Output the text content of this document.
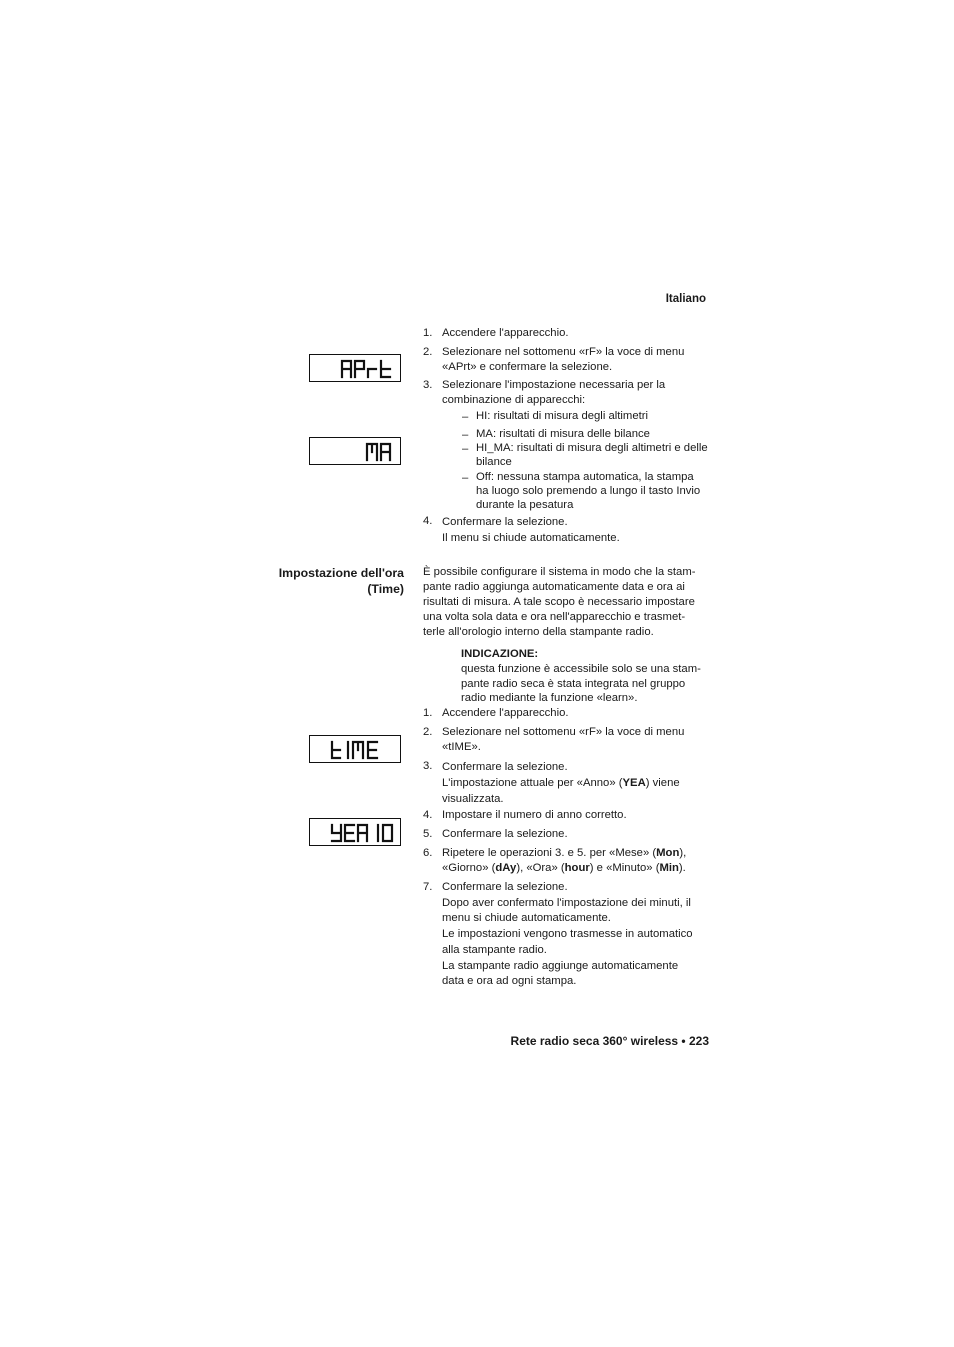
Italiano
1. Accendere l'apparecchio.
2. Selezionare nel sottomenu «rF» la voce di menu
«APrt» e confermare la selezione.
3. Selezionare l'impostazione necessaria per la
combinazione di apparecchi:
– HI: risultati di misura degli altimetri
– MA: risultati di misura delle bilance
– HI_MA: risultati di misura degli altimetri e delle
bilance
– Off: nessuna stampa automatica, la stampa
ha luogo solo premendo a lungo il tasto Invio
durante la pesatura
4. Confermare la selezione.
Il menu si chiude automaticamente.
Impostazione dell'ora
(Time)
È possibile configurare il sistema in modo che la stam-
pante radio aggiunga automaticamente data e ora ai
risultati di misura. A tale scopo è necessario impostare
una volta sola data e ora nell'apparecchio e trasmet-
terle all'orologio interno della stampante radio.
INDICAZIONE:
questa funzione è accessibile solo se una stam-
pante radio seca è stata integrata nel gruppo
radio mediante la funzione «learn».
1. Accendere l'apparecchio.
2. Selezionare nel sottomenu «rF» la voce di menu
«tIME».
3. Confermare la selezione.
L'impostazione attuale per «Anno» (YEA) viene
visualizzata.
4. Impostare il numero di anno corretto.
5. Confermare la selezione.
6. Ripetere le operazioni 3. e 5. per «Mese» (Mon),
«Giorno» (dAy), «Ora» (hour) e «Minuto» (Min).
7. Confermare la selezione.
Dopo aver confermato l'impostazione dei minuti, il
menu si chiude automaticamente.
Le impostazioni vengono trasmesse in automatico
alla stampante radio.
La stampante radio aggiunge automaticamente
data e ora ad ogni stampa.
Rete radio seca 360° wireless • 223
